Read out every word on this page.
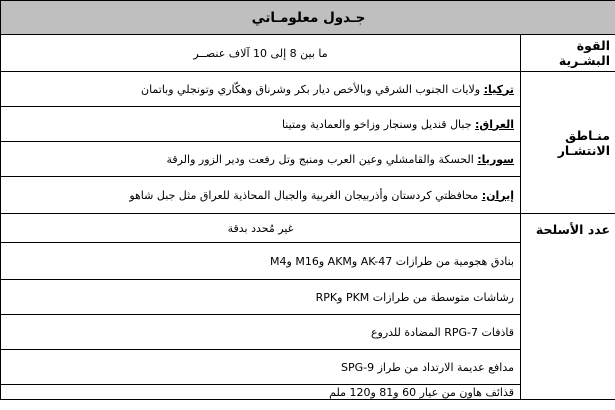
جـدول معلومـاتي	
القوة البشـرية	ما بين 8 إلى 10 آلاف عنصــر
منـاطق الانتشـار	تركيا: ولايات الجنوب الشرقي وبالأخص ديار بكر وشرناق وهكّاري وتونجلي وباتمان
	العراق: جبال قنديل وسنجار وزاخو والعمادية ومتينا
	سوريا: الحسكة والقامشلي وعين العرب ومنبج وتل رفعت ودير الزور والرقة
	إيران: محافظتي كردستان وأذربيجان الغربية والجبال المحاذية للعراق مثل جبل شاهو
عدد الأسلحة	غير مُحدد بدقة
	بنادق هجومية من طرازات AK-47 وAKM وM16 وM4
	رشاشات متوسطة من طرازات PKM وRPK
	قاذفات RPG-7 المضادة للدروع
	مدافع عديمة الارتداد من طراز SPG-9
	قذائف هاون من عيار 60 و81 و120 ملم
